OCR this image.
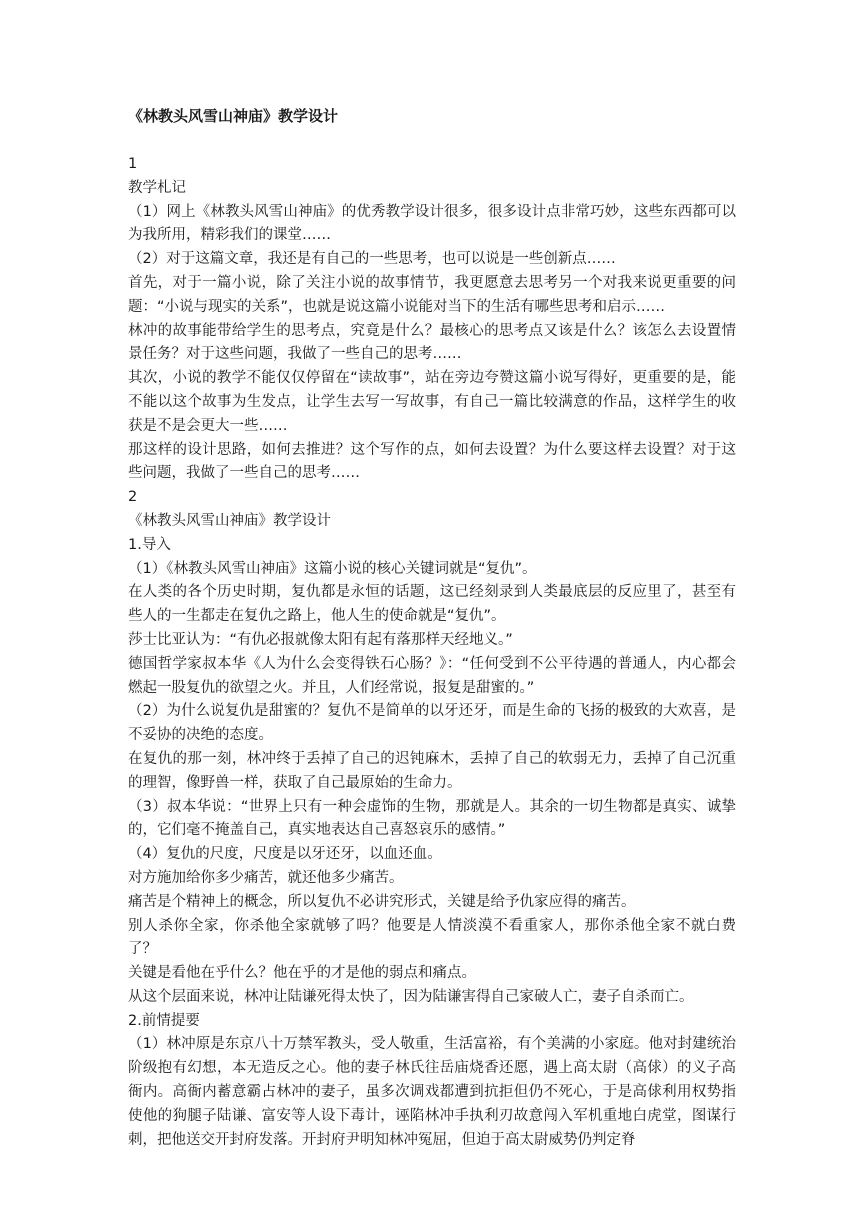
《林教头风雪山神庙》教学设计

1

教学札记

（1）网上《林教头风雪山神庙》的优秀教学设计很多，很多设计点非常巧妙，这些东西都可以为我所用，精彩我们的课堂……

（2）对于这篇文章，我还是有自己的一些思考，也可以说是一些创新点……

首先，对于一篇小说，除了关注小说的故事情节，我更愿意去思考另一个对我来说更重要的问题：“小说与现实的关系”，也就是说这篇小说能对当下的生活有哪些思考和启示……

林冲的故事能带给学生的思考点，究竟是什么？最核心的思考点又该是什么？该怎么去设置情景任务？对于这些问题，我做了一些自己的思考……

其次，小说的教学不能仅仅停留在“读故事”，站在旁边夸赞这篇小说写得好，更重要的是，能不能以这个故事为生发点，让学生去写一写故事，有自己一篇比较满意的作品，这样学生的收获是不是会更大一些……

那这样的设计思路，如何去推进？这个写作的点，如何去设置？为什么要这样去设置？对于这些问题，我做了一些自己的思考……

2

《林教头风雪山神庙》教学设计

1.导入

（1）《林教头风雪山神庙》这篇小说的核心关键词就是“复仇”。

在人类的各个历史时期，复仇都是永恒的话题，这已经刻录到人类最底层的反应里了，甚至有些人的一生都走在复仇之路上，他人生的使命就是“复仇”。

莎士比亚认为：“有仇必报就像太阳有起有落那样天经地义。”

德国哲学家叔本华《人为什么会变得铁石心肠？》：“任何受到不公平待遇的普通人，内心都会燃起一股复仇的欲望之火。并且，人们经常说，报复是甜蜜的。”

（2）为什么说复仇是甜蜜的？复仇不是简单的以牙还牙，而是生命的飞扬的极致的大欢喜，是不妥协的决绝的态度。

在复仇的那一刻，林冲终于丢掉了自己的迟钝麻木，丢掉了自己的软弱无力，丢掉了自己沉重的理智，像野兽一样，获取了自己最原始的生命力。

（3）叔本华说：“世界上只有一种会虚饰的生物，那就是人。其余的一切生物都是真实、诚挚的，它们毫不掩盖自己，真实地表达自己喜怒哀乐的感情。”

（4）复仇的尺度，尺度是以牙还牙，以血还血。

对方施加给你多少痛苦，就还他多少痛苦。

痛苦是个精神上的概念，所以复仇不必讲究形式，关键是给予仇家应得的痛苦。

别人杀你全家，你杀他全家就够了吗？他要是人情淡漠不看重家人，那你杀他全家不就白费了？

关键是看他在乎什么？他在乎的才是他的弱点和痛点。

从这个层面来说，林冲让陆谦死得太快了，因为陆谦害得自己家破人亡，妻子自杀而亡。

2.前情提要

（1）林冲原是东京八十万禁军教头，受人敬重，生活富裕，有个美满的小家庭。他对封建统治阶级抱有幻想，本无造反之心。他的妻子林氏往岳庙烧香还愿，遇上高太尉（高俅）的义子高衙内。高衙内蓄意霸占林冲的妻子，虽多次调戏都遭到抗拒但仍不死心，于是高俅利用权势指使他的狗腿子陆谦、富安等人设下毒计，诬陷林冲手执利刃故意闯入军机重地白虎堂，图谋行刺，把他送交开封府发落。开封府尹明知林冲冤屈，但迫于高太尉威势仍判定脊
